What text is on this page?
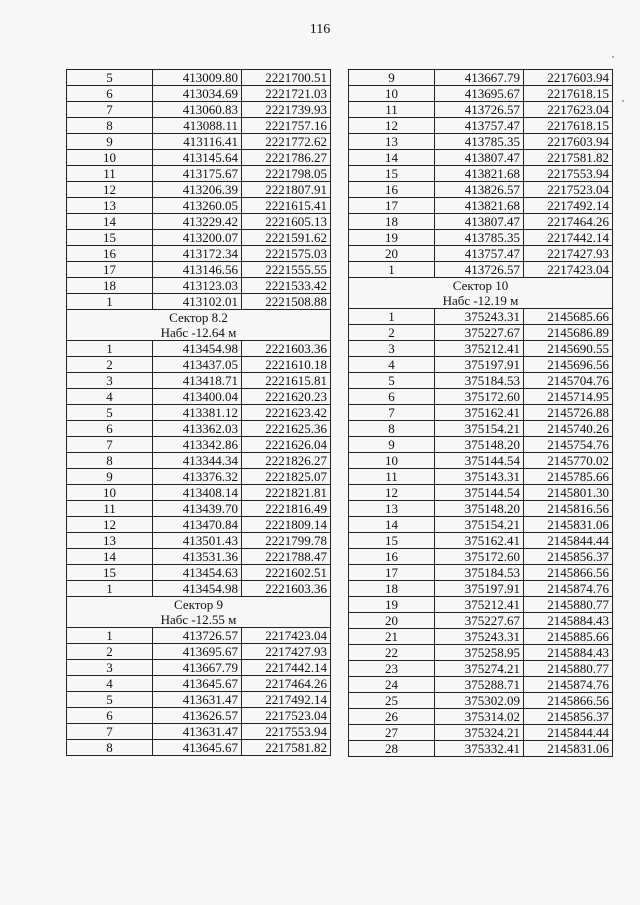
116
5	413009.80	2221700.51
6	413034.69	2221721.03
7	413060.83	2221739.93
8	413088.11	2221757.16
9	413116.41	2221772.62
10	413145.64	2221786.27
11	413175.67	2221798.05
12	413206.39	2221807.91
13	413260.05	2221615.41
14	413229.42	2221605.13
15	413200.07	2221591.62
16	413172.34	2221575.03
17	413146.56	2221555.55
18	413123.03	2221533.42
1	413102.01	2221508.88
Сектор 8.2		
Набс -12.64 м		
1	413454.98	2221603.36
2	413437.05	2221610.18
3	413418.71	2221615.81
4	413400.04	2221620.23
5	413381.12	2221623.42
6	413362.03	2221625.36
7	413342.86	2221626.04
8	413344.34	2221826.27
9	413376.32	2221825.07
10	413408.14	2221821.81
11	413439.70	2221816.49
12	413470.84	2221809.14
13	413501.43	2221799.78
14	413531.36	2221788.47
15	413454.63	2221602.51
1	413454.98	2221603.36
Сектор 9		
Набс -12.55 м		
1	413726.57	2217423.04
2	413695.67	2217427.93
3	413667.79	2217442.14
4	413645.67	2217464.26
5	413631.47	2217492.14
6	413626.57	2217523.04
7	413631.47	2217553.94
8	413645.67	2217581.82
9	413667.79	2217603.94
10	413695.67	2217618.15
11	413726.57	2217623.04
12	413757.47	2217618.15
13	413785.35	2217603.94
14	413807.47	2217581.82
15	413821.68	2217553.94
16	413826.57	2217523.04
17	413821.68	2217492.14
18	413807.47	2217464.26
19	413785.35	2217442.14
20	413757.47	2217427.93
1	413726.57	2217423.04
Сектор 10		
Набс -12.19 м		
1	375243.31	2145685.66
2	375227.67	2145686.89
3	375212.41	2145690.55
4	375197.91	2145696.56
5	375184.53	2145704.76
6	375172.60	2145714.95
7	375162.41	2145726.88
8	375154.21	2145740.26
9	375148.20	2145754.76
10	375144.54	2145770.02
11	375143.31	2145785.66
12	375144.54	2145801.30
13	375148.20	2145816.56
14	375154.21	2145831.06
15	375162.41	2145844.44
16	375172.60	2145856.37
17	375184.53	2145866.56
18	375197.91	2145874.76
19	375212.41	2145880.77
20	375227.67	2145884.43
21	375243.31	2145885.66
22	375258.95	2145884.43
23	375274.21	2145880.77
24	375288.71	2145874.76
25	375302.09	2145866.56
26	375314.02	2145856.37
27	375324.21	2145844.44
28	375332.41	2145831.06
